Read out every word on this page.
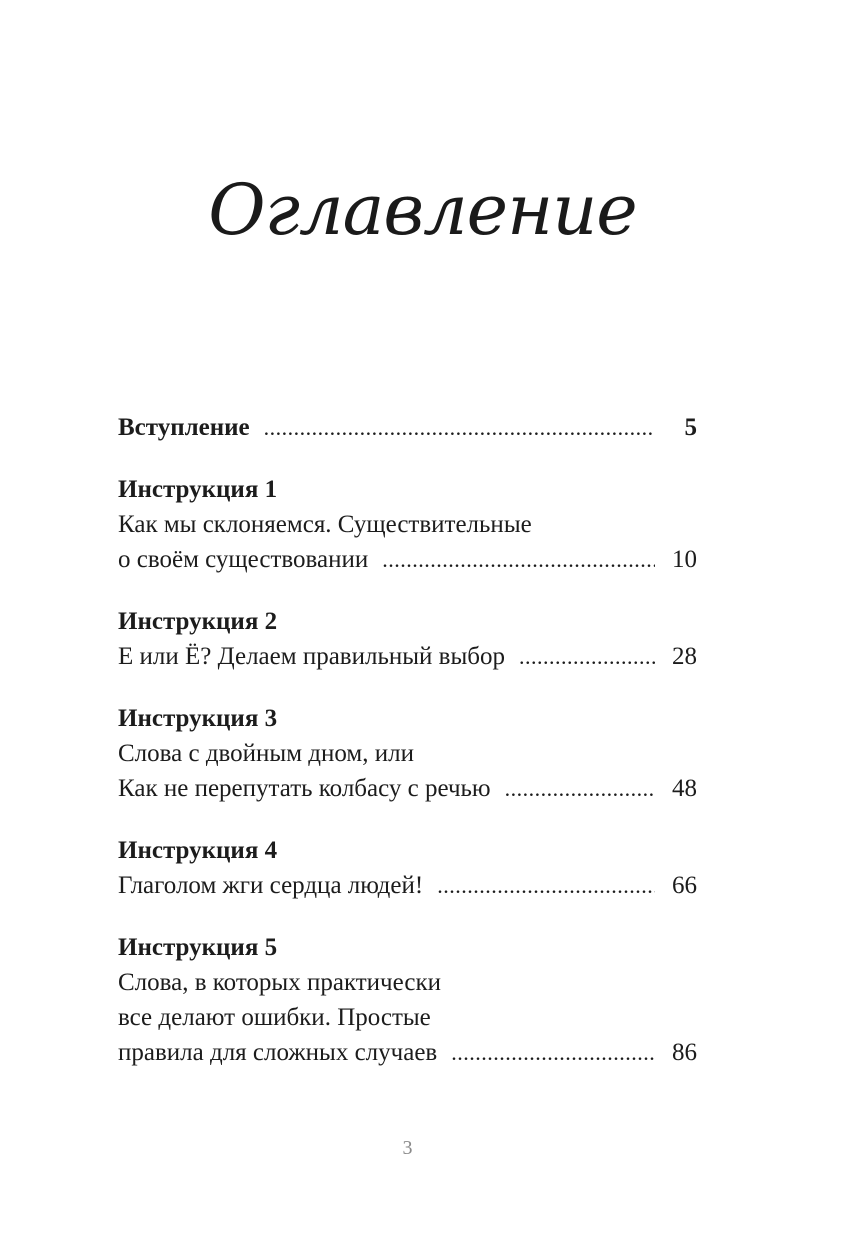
Оглавление
Вступление .....	5
Инструкция 1
Как мы склоняемся. Существительные
о своём существовании .....	10
Инструкция 2
Е или Ё? Делаем правильный выбор .....	28
Инструкция 3
Слова с двойным дном, или
Как не перепутать колбасу с речью .....	48
Инструкция 4
Глаголом жги сердца людей! .....	66
Инструкция 5
Слова, в которых практически
все делают ошибки. Простые
правила для сложных случаев .....	86
3
